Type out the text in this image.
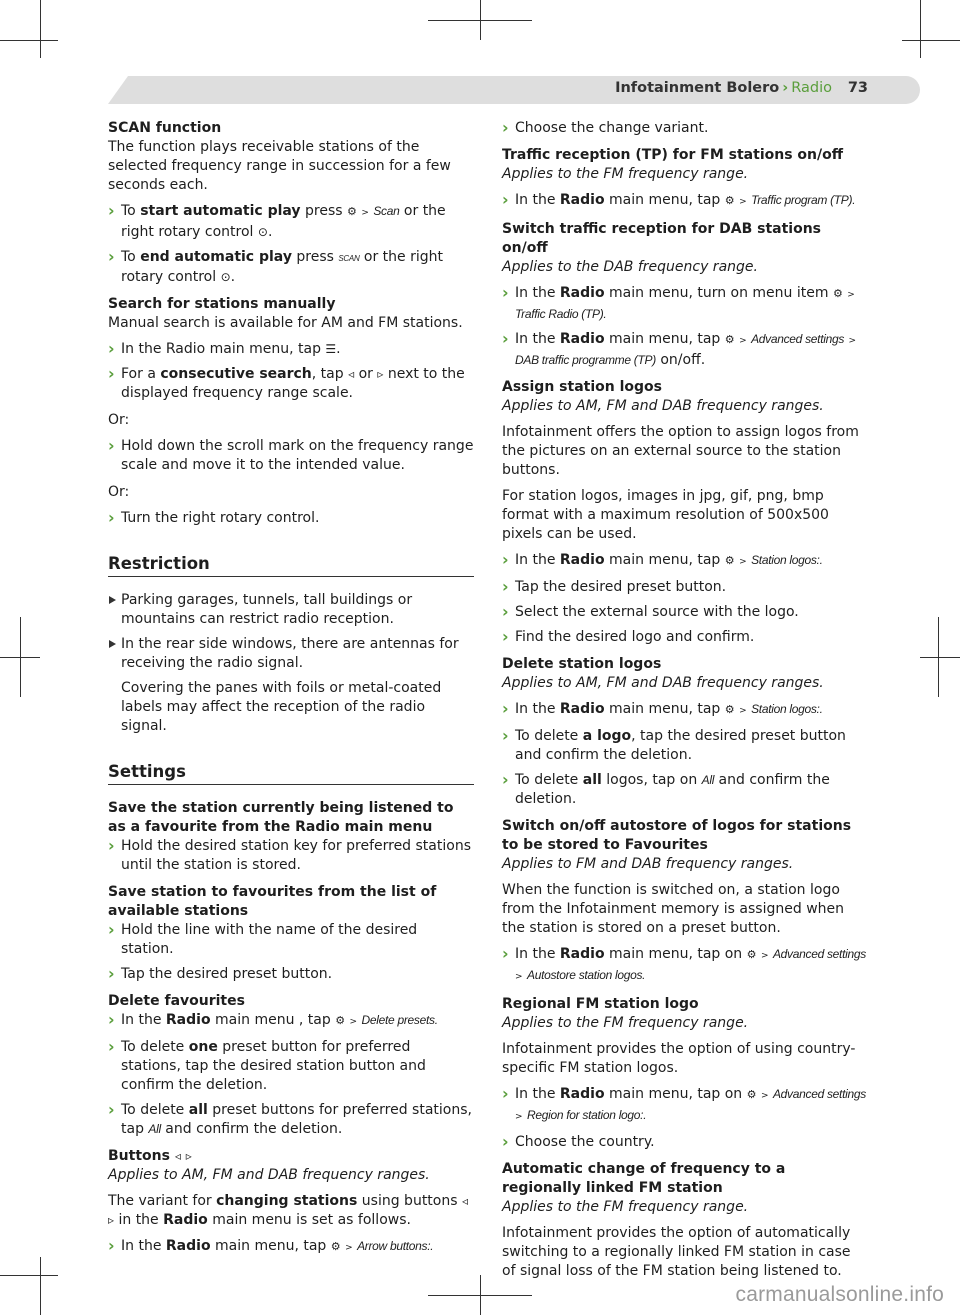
Infotainment Bolero › Radio 73

SCAN function

The function plays receivable stations of the selected frequency range in succession for a few seconds each.

› To start automatic play press ⚙ > Scan or the right rotary control ⊙.
› To end automatic play press SCAN or the right rotary control ⊙.

Search for stations manually

Manual search is available for AM and FM stations.

› In the Radio main menu, tap ☰.
› For a consecutive search, tap ◃ or ▹ next to the displayed frequency range scale.

Or:

› Hold down the scroll mark on the frequency range scale and move it to the intended value.

Or:

› Turn the right rotary control.
Restriction
Parking garages, tunnels, tall buildings or mountains can restrict radio reception.
In the rear side windows, there are antennas for receiving the radio signal.

Covering the panes with foils or metal-coated labels may affect the reception of the radio signal.

Settings

Save the station currently being listened to as a favourite from the Radio main menu

› Hold the desired station key for preferred stations until the station is stored.

Save station to favourites from the list of available stations

› Hold the line with the name of the desired station.
› Tap the desired preset button.

Delete favourites

› In the Radio main menu , tap ⚙ > Delete presets.
› To delete one preset button for preferred stations, tap the desired station button and confirm the deletion.
› To delete all preset buttons for preferred stations, tap All and confirm the deletion.

Buttons ◃ ▹

Applies to AM, FM and DAB frequency ranges.

The variant for changing stations using buttons ◃ ▹ in the Radio main menu is set as follows.

› In the Radio main menu, tap ⚙ > Arrow buttons:.
› Choose the change variant.

Traffic reception (TP) for FM stations on/off

Applies to the FM frequency range.

› In the Radio main menu, tap ⚙ > Traffic program (TP).

Switch traffic reception for DAB stations on/off

Applies to the DAB frequency range.

› In the Radio main menu, turn on menu item ⚙ > Traffic Radio (TP).
› In the Radio main menu, tap ⚙ > Advanced settings > DAB traffic programme (TP) on/off.

Assign station logos

Applies to AM, FM and DAB frequency ranges.

Infotainment offers the option to assign logos from the pictures on an external source to the station buttons.

For station logos, images in jpg, gif, png, bmp format with a maximum resolution of 500x500 pixels can be used.

› In the Radio main menu, tap ⚙ > Station logos:.
› Tap the desired preset button.
› Select the external source with the logo.
› Find the desired logo and confirm.

Delete station logos

Applies to AM, FM and DAB frequency ranges.

› In the Radio main menu, tap ⚙ > Station logos:.
› To delete a logo, tap the desired preset button and confirm the deletion.
› To delete all logos, tap on All and confirm the deletion.

Switch on/off autostore of logos for stations to be stored to Favourites

Applies to FM and DAB frequency ranges.

When the function is switched on, a station logo from the Infotainment memory is assigned when the station is stored on a preset button.

› In the Radio main menu, tap on ⚙ > Advanced settings > Autostore station logos.

Regional FM station logo

Applies to the FM frequency range.

Infotainment provides the option of using country-specific FM station logos.

› In the Radio main menu, tap on ⚙ > Advanced settings > Region for station logo:.
› Choose the country.

Automatic change of frequency to a regionally linked FM station

Applies to the FM frequency range.

Infotainment provides the option of automatically switching to a regionally linked FM station in case of signal loss of the FM station being listened to.

carmanualsonline.info
